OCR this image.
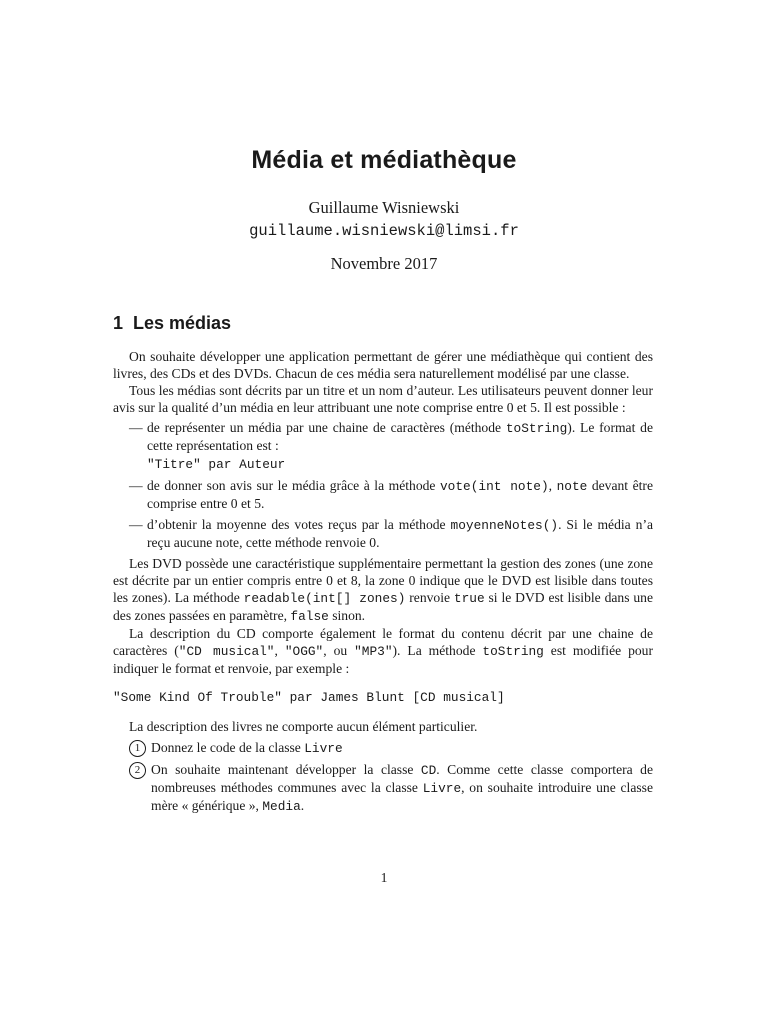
Média et médiathèque
Guillaume Wisniewski
guillaume.wisniewski@limsi.fr
Novembre 2017
1 Les médias

On souhaite développer une application permettant de gérer une médiathèque qui contient des livres, des CDs et des DVDs. Chacun de ces média sera naturellement modélisé par une classe.

Tous les médias sont décrits par un titre et un nom d’auteur. Les utilisateurs peuvent donner leur avis sur la qualité d’un média en leur attribuant une note comprise entre 0 et 5. Il est possible :

— de représenter un média par une chaine de caractères (méthode toString). Le format de cette représentation est :
"Titre" par Auteur
— de donner son avis sur le média grâce à la méthode vote(int note), note devant être comprise entre 0 et 5.
— d’obtenir la moyenne des votes reçus par la méthode moyenneNotes(). Si le média n’a reçu aucune note, cette méthode renvoie 0.

Les DVD possède une caractéristique supplémentaire permettant la gestion des zones (une zone est décrite par un entier compris entre 0 et 8, la zone 0 indique que le DVD est lisible dans toutes les zones). La méthode readable(int[] zones) renvoie true si le DVD est lisible dans une des zones passées en paramètre, false sinon.

La description du CD comporte également le format du contenu décrit par une chaine de caractères ("CD musical", "OGG", ou "MP3"). La méthode toString est modifiée pour indiquer le format et renvoie, par exemple :

"Some Kind Of Trouble" par James Blunt [CD musical]

La description des livres ne comporte aucun élément particulier.

1 Donnez le code de la classe Livre
2 On souhaite maintenant développer la classe CD. Comme cette classe comportera de nombreuses méthodes communes avec la classe Livre, on souhaite introduire une classe mère « générique », Media.
1
